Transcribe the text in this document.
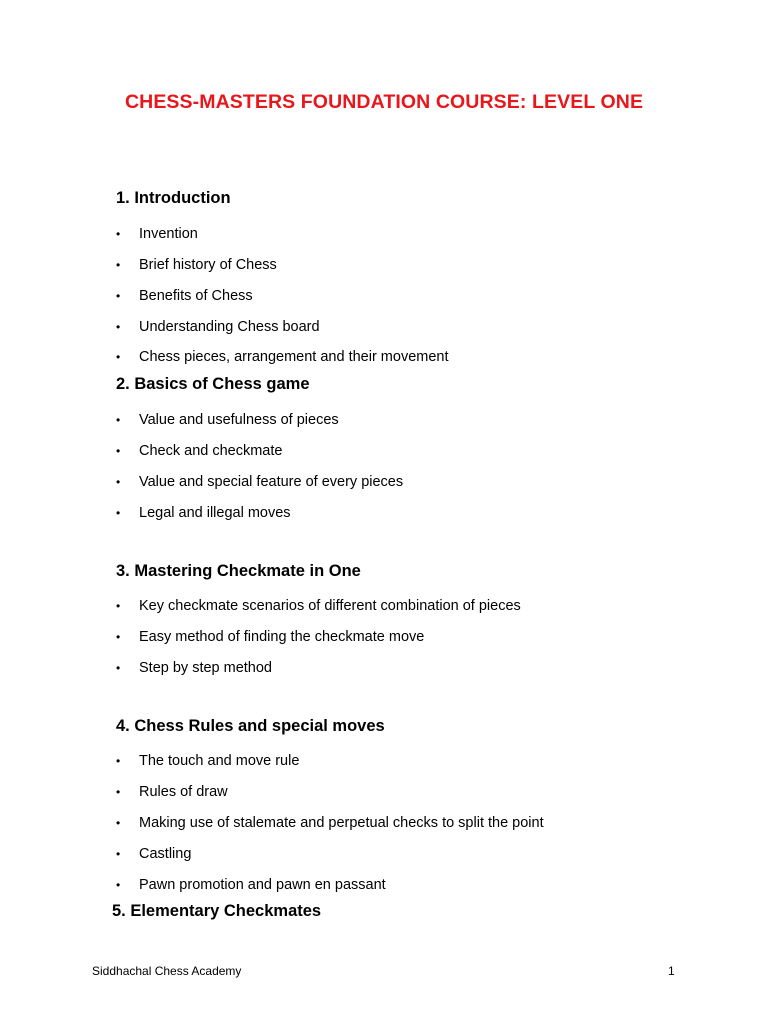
CHESS-MASTERS FOUNDATION COURSE: LEVEL ONE
1. Introduction
• Invention
• Brief history of Chess
• Benefits of Chess
• Understanding Chess board
• Chess pieces, arrangement and their movement
2. Basics of Chess game
• Value and usefulness of pieces
• Check and checkmate
• Value and special feature of every pieces
• Legal and illegal moves
3. Mastering Checkmate in One
• Key checkmate scenarios of different combination of pieces
• Easy method of finding the checkmate move
• Step by step method
4. Chess Rules and special moves
• The touch and move rule
• Rules of draw
• Making use of stalemate and perpetual checks to split the point
• Castling
• Pawn promotion and pawn en passant
5. Elementary Checkmates
Siddhachal Chess Academy	1
